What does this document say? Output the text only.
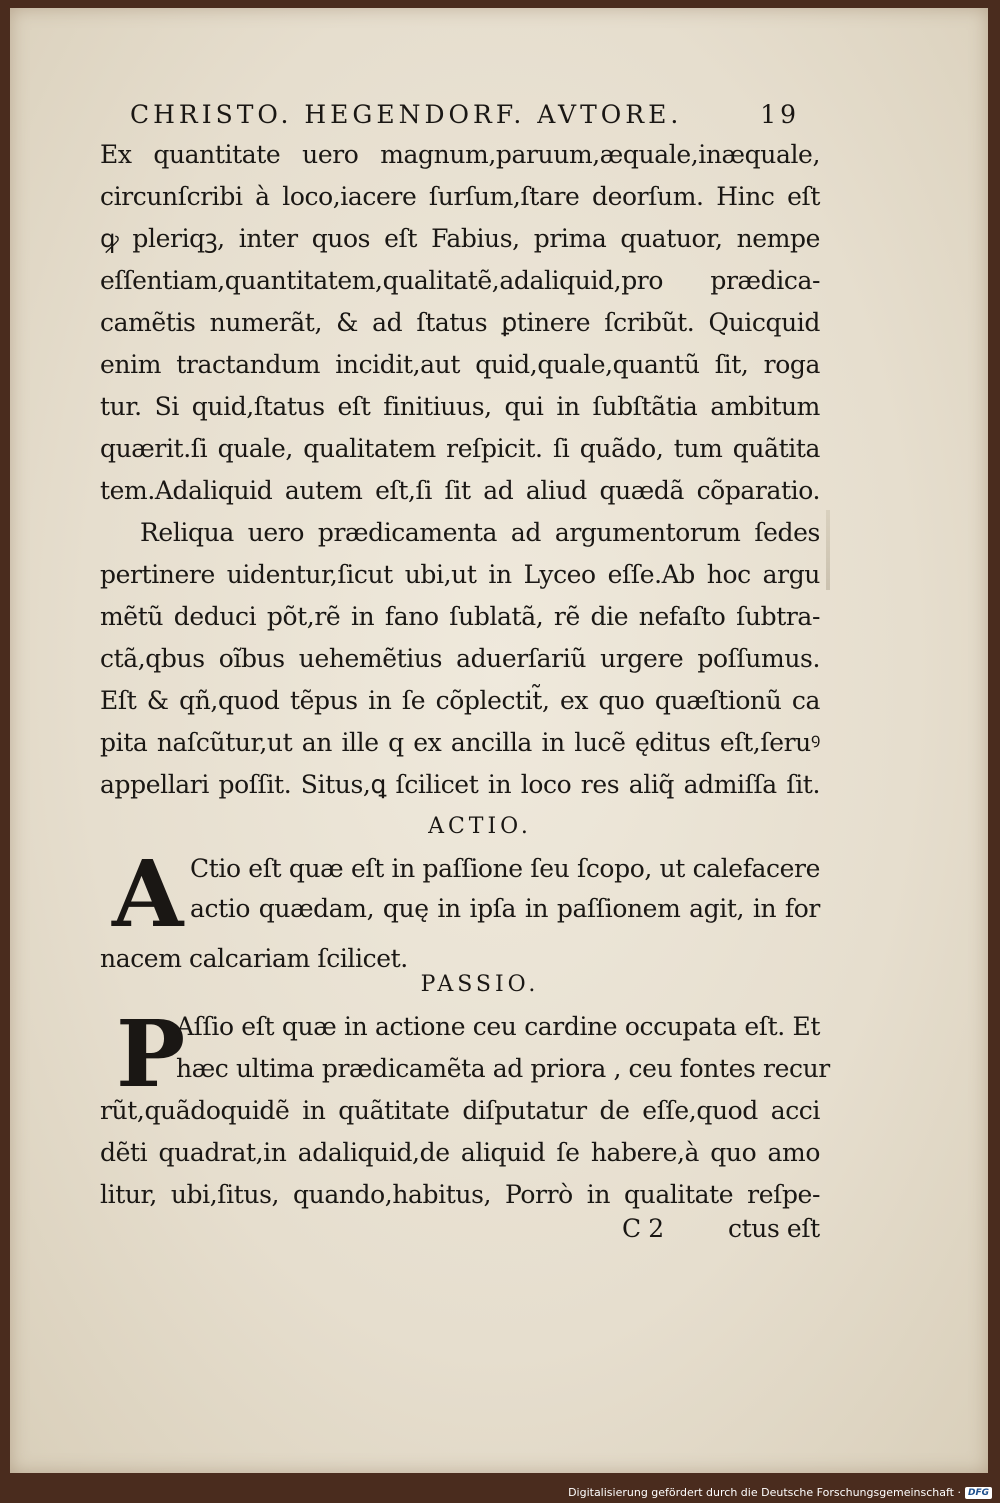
CHRISTO. HEGENDORF. AVTORE.	19
Ex quantitate uero magnum,paruum,æquale,inæquale,
circunſcribi à loco,iacere ſurſum,ſtare deorſum. Hinc eſt
ꝙ pleriqꝫ, inter quos eſt Fabius, prima quatuor, nempe
eſſentiam,quantitatem,qualitatẽ,adaliquid,pro prædica-
camẽtis numerãt, & ad ſtatus ꝑtinere ſcribũt. Quicquid
enim tractandum incidit,aut quid,quale,quantũ ſit, roga
tur. Si quid,ſtatus eſt finitiuus, qui in ſubſtãtia ambitum
quærit.ſi quale, qualitatem reſpicit. ſi quãdo, tum quãtita
tem.Adaliquid autem eſt,ſi ſit ad aliud quædã cõparatio.
Reliqua uero prædicamenta ad argumentorum ſedes
pertinere uidentur,ſicut ubi,ut in Lyceo eſſe.Ab hoc argu
mẽtũ deduci põt,rẽ in fano ſublatã, rẽ die nefaſto ſubtra-
ctã,qbus oĩbus uehemẽtius aduerſariũ urgere poſſumus.
Eſt & qñ,quod tẽpus in ſe cõplectit̃, ex quo quæſtionũ ca
pita naſcũtur,ut an ille q ex ancilla in lucẽ ęditus eſt,ſeruꝰ
appellari poſſit. Situs,ꝗ ſcilicet in loco res aliq̃ admiſſa ſit.
ACTIO.
A Ctio eſt quæ eſt in paſſione ſeu ſcopo, ut calefacere
actio quædam, quę in ipſa in paſſionem agit, in for
nacem calcariam ſcilicet.
PASSIO.
P
Aſſio eſt quæ in actione ceu cardine occupata eſt. Et
hæc ultima prædicamẽta ad priora , ceu fontes recur
rũt,quãdoquidẽ in quãtitate diſputatur de eſſe,quod acci
dẽti quadrat,in adaliquid,de aliquid ſe habere,à quo amo
litur, ubi,ſitus, quando,habitus, Porrò in qualitate reſpe-
C 2	ctus eſt
Digitalisierung gefördert durch die Deutsche Forschungsgemeinschaft · DFG
